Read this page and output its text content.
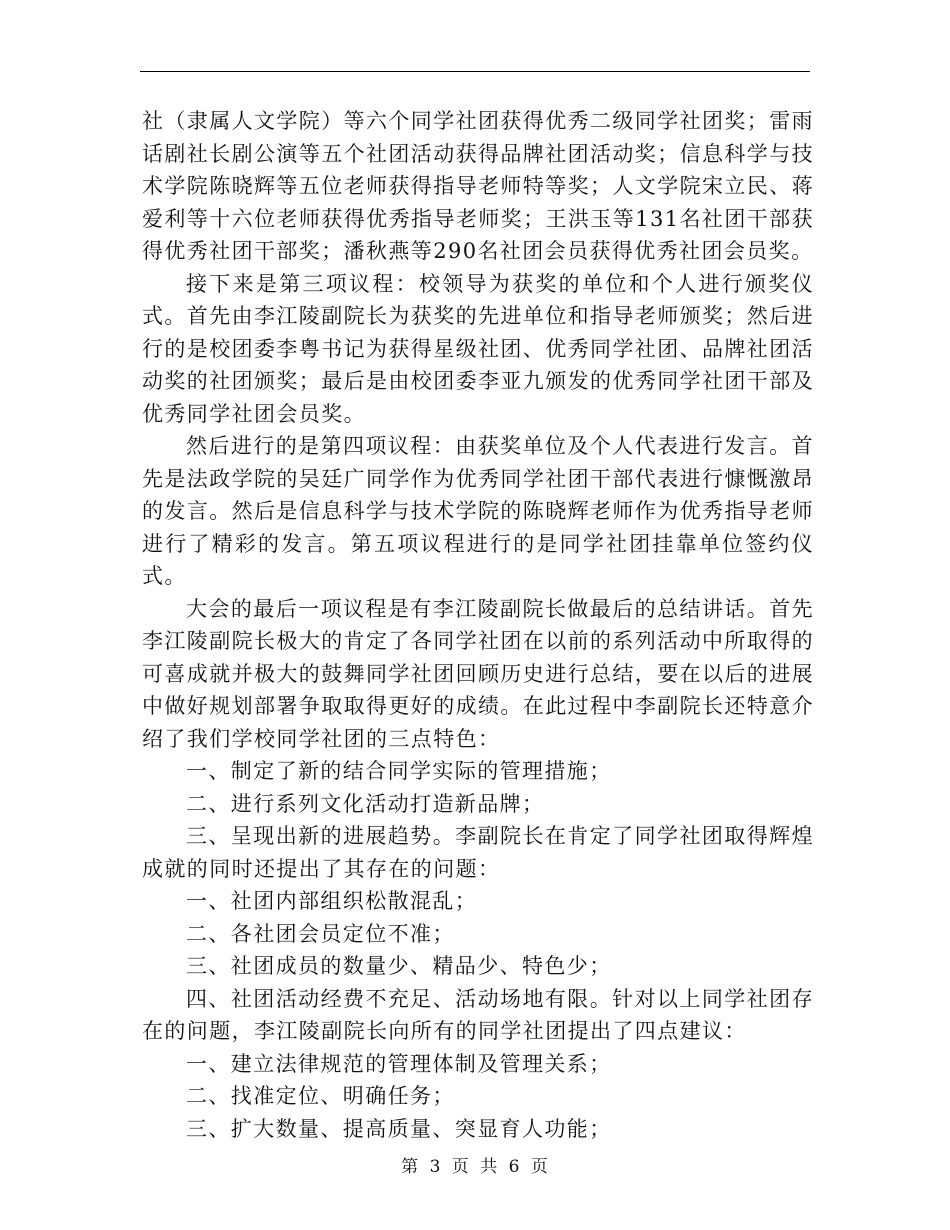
社（隶属人文学院）等六个同学社团获得优秀二级同学社团奖；雷雨话剧社长剧公演等五个社团活动获得品牌社团活动奖；信息科学与技术学院陈晓辉等五位老师获得指导老师特等奖；人文学院宋立民、蒋爱利等十六位老师获得优秀指导老师奖；王洪玉等131名社团干部获得优秀社团干部奖；潘秋燕等290名社团会员获得优秀社团会员奖。

接下来是第三项议程：校领导为获奖的单位和个人进行颁奖仪式。首先由李江陵副院长为获奖的先进单位和指导老师颁奖；然后进行的是校团委李粤书记为获得星级社团、优秀同学社团、品牌社团活动奖的社团颁奖；最后是由校团委李亚九颁发的优秀同学社团干部及优秀同学社团会员奖。

然后进行的是第四项议程：由获奖单位及个人代表进行发言。首先是法政学院的吴廷广同学作为优秀同学社团干部代表进行慷慨激昂的发言。然后是信息科学与技术学院的陈晓辉老师作为优秀指导老师进行了精彩的发言。第五项议程进行的是同学社团挂靠单位签约仪式。

大会的最后一项议程是有李江陵副院长做最后的总结讲话。首先李江陵副院长极大的肯定了各同学社团在以前的系列活动中所取得的可喜成就并极大的鼓舞同学社团回顾历史进行总结，要在以后的进展中做好规划部署争取取得更好的成绩。在此过程中李副院长还特意介绍了我们学校同学社团的三点特色：

一、制定了新的结合同学实际的管理措施；

二、进行系列文化活动打造新品牌；

三、呈现出新的进展趋势。李副院长在肯定了同学社团取得辉煌成就的同时还提出了其存在的问题：

一、社团内部组织松散混乱；

二、各社团会员定位不准；

三、社团成员的数量少、精品少、特色少；

四、社团活动经费不充足、活动场地有限。针对以上同学社团存在的问题，李江陵副院长向所有的同学社团提出了四点建议：

一、建立法律规范的管理体制及管理关系；

二、找准定位、明确任务；

三、扩大数量、提高质量、突显育人功能；

第 3 页 共 6 页
